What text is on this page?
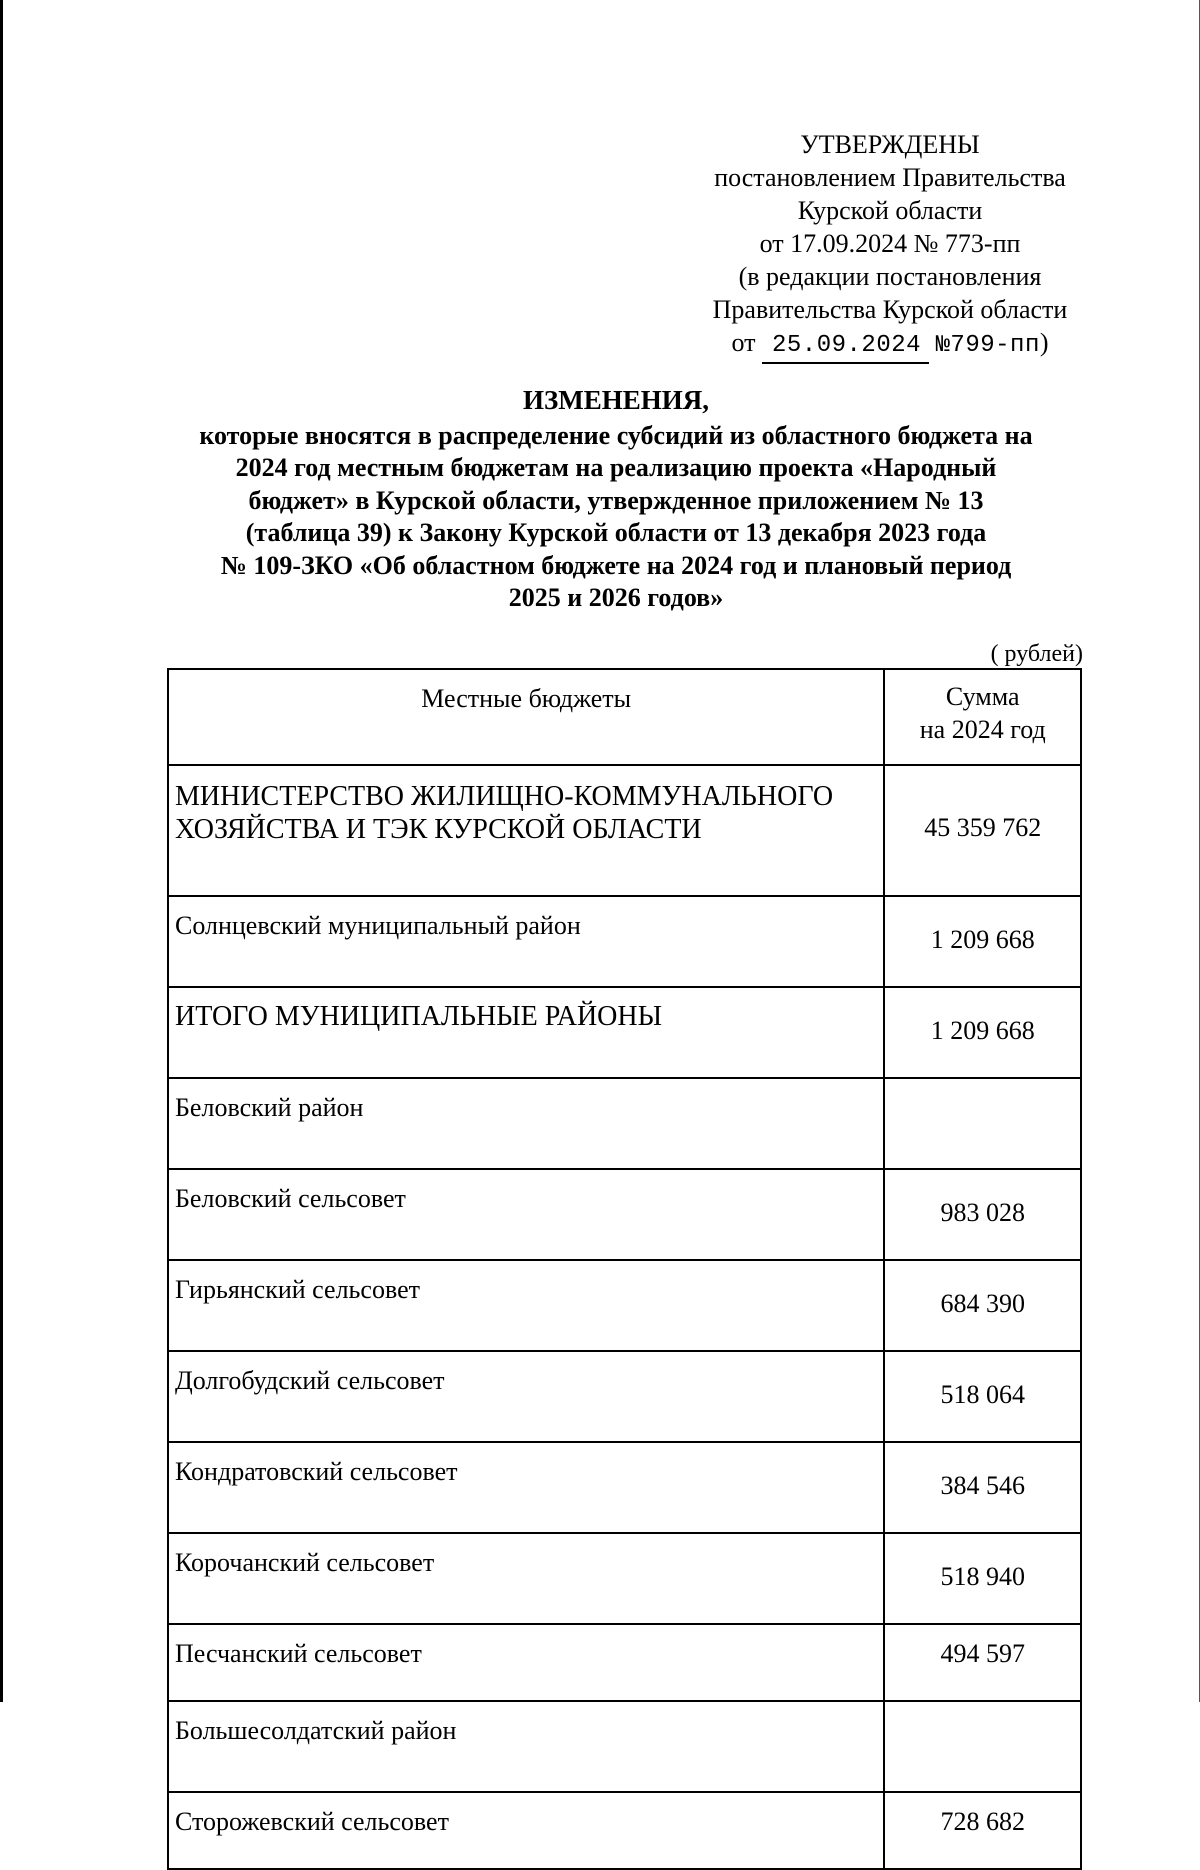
УТВЕРЖДЕНЫ
постановлением Правительства
Курской области
от 17.09.2024 № 773-пп
(в редакции постановления
Правительства Курской области
от 25.09.2024 №799-пп)
ИЗМЕНЕНИЯ,
которые вносятся в распределение субсидий из областного бюджета на
2024 год местным бюджетам на реализацию проекта «Народный
бюджет» в Курской области, утвержденное приложением № 13
(таблица 39) к Закону Курской области от 13 декабря 2023 года
№ 109-ЗКО «Об областном бюджете на 2024 год и плановый период
2025 и 2026 годов»
( рублей)
Местные бюджеты	Сумма
на 2024 год
МИНИСТЕРСТВО ЖИЛИЩНО-КОММУНАЛЬНОГО
ХОЗЯЙСТВА И ТЭК КУРСКОЙ ОБЛАСТИ	45 359 762
Солнцевский муниципальный район	1 209 668
ИТОГО МУНИЦИПАЛЬНЫЕ РАЙОНЫ	1 209 668
Беловский район	
Беловский сельсовет	983 028
Гирьянский сельсовет	684 390
Долгобудский сельсовет	518 064
Кондратовский сельсовет	384 546
Корочанский сельсовет	518 940
Песчанский сельсовет	494 597
Большесолдатский район	
Сторожевский сельсовет	728 682
